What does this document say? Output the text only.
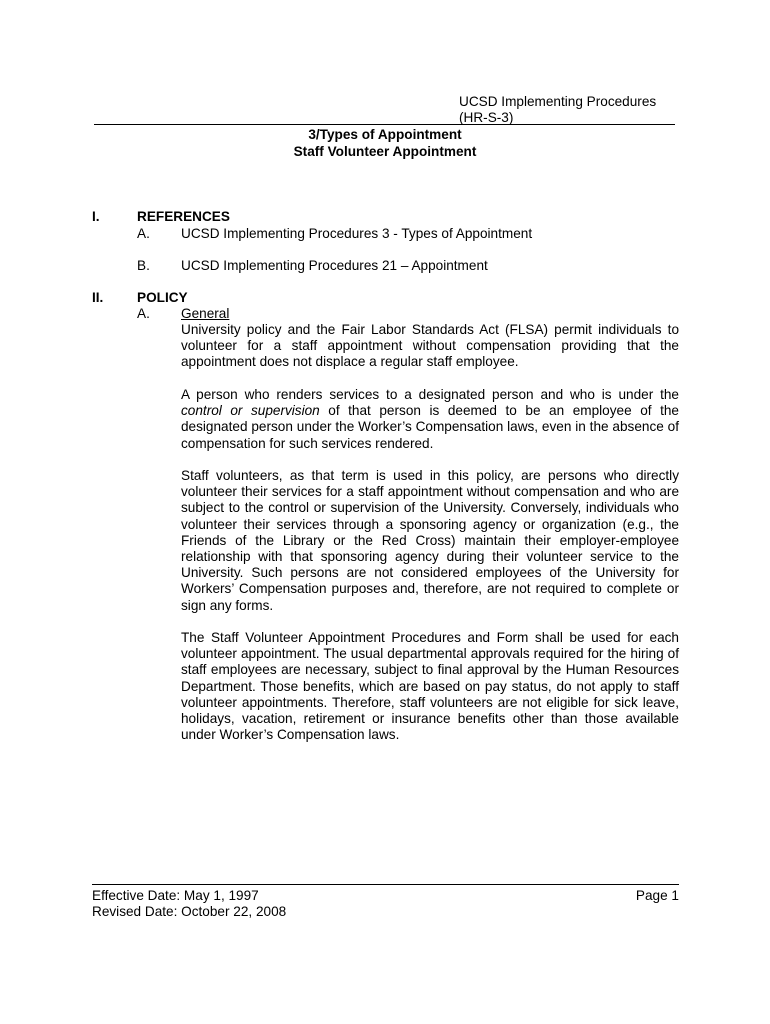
UCSD Implementing Procedures
(HR-S-3)
3/Types of Appointment
Staff Volunteer Appointment
I.	REFERENCES
A. UCSD Implementing Procedures 3 - Types of Appointment
B. UCSD Implementing Procedures 21 – Appointment
II. POLICY
A. General

University policy and the Fair Labor Standards Act (FLSA) permit individuals to volunteer for a staff appointment without compensation providing that the appointment does not displace a regular staff employee.

A person who renders services to a designated person and who is under the control or supervision of that person is deemed to be an employee of the designated person under the Worker’s Compensation laws, even in the absence of compensation for such services rendered.

Staff volunteers, as that term is used in this policy, are persons who directly volunteer their services for a staff appointment without compensation and who are subject to the control or supervision of the University. Conversely, individuals who volunteer their services through a sponsoring agency or organization (e.g., the Friends of the Library or the Red Cross) maintain their employer-employee relationship with that sponsoring agency during their volunteer service to the University. Such persons are not considered employees of the University for Workers’ Compensation purposes and, therefore, are not required to complete or sign any forms.

The Staff Volunteer Appointment Procedures and Form shall be used for each volunteer appointment. The usual departmental approvals required for the hiring of staff employees are necessary, subject to final approval by the Human Resources Department. Those benefits, which are based on pay status, do not apply to staff volunteer appointments. Therefore, staff volunteers are not eligible for sick leave, holidays, vacation, retirement or insurance benefits other than those available under Worker’s Compensation laws.

Effective Date: May 1, 1997
Revised Date: October 22, 2008
Page 1
